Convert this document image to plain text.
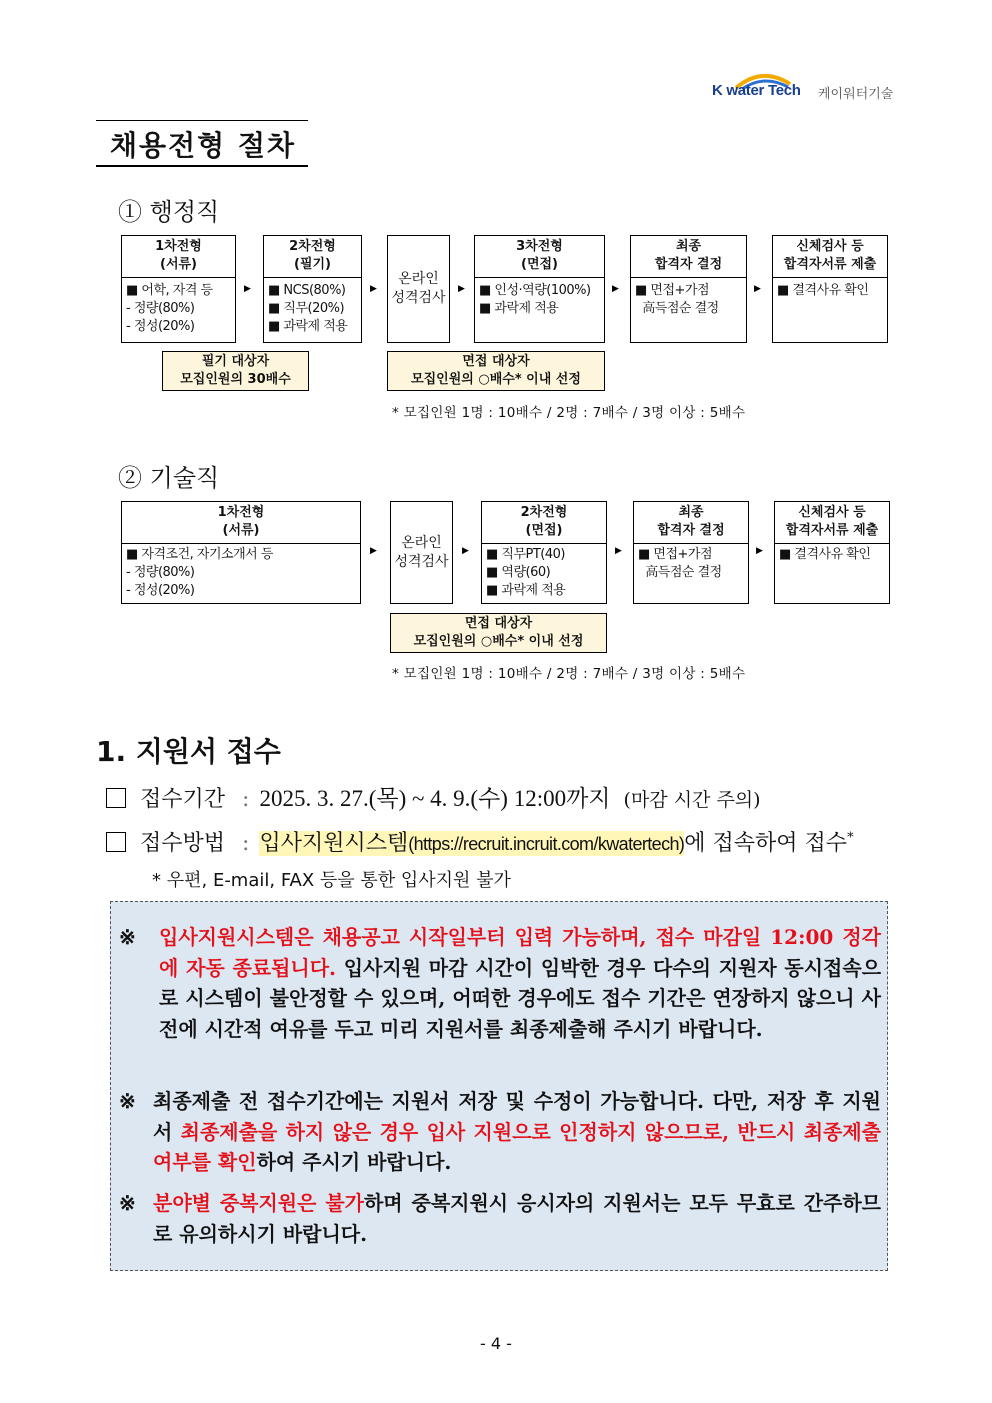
K water Tech 케이워터기술
채용전형 절차
① 행정직
1차전형
(서류)
■ 어학, 자격 등
- 정량(80%)
- 정성(20%)
▶
2차전형
(필기)
■ NCS(80%)
■ 직무(20%)
■ 과락제 적용
▶
온라인
성격검사
▶
3차전형
(면접)
■ 인성·역량(100%)
■ 과락제 적용
▶
최종
합격자 결정
■ 면접+가점
高득점순 결정
▶
신체검사 등
합격자서류 제출
■ 결격사유 확인
필기 대상자
모집인원의 30배수
면접 대상자
모집인원의 ○배수* 이내 선정
* 모집인원 1명 : 10배수 / 2명 : 7배수 / 3명 이상 : 5배수
② 기술직
1차전형
(서류)
■ 자격조건, 자기소개서 등
- 정량(80%)
- 정성(20%)
▶
온라인
성격검사
▶
2차전형
(면접)
■ 직무PT(40)
■ 역량(60)
■ 과락제 적용
▶
최종
합격자 결정
■ 면접+가점
高득점순 결정
▶
신체검사 등
합격자서류 제출
■ 결격사유 확인
면접 대상자
모집인원의 ○배수* 이내 선정
* 모집인원 1명 : 10배수 / 2명 : 7배수 / 3명 이상 : 5배수
1. 지원서 접수
접수기간 : 2025. 3. 27.(목) ~ 4. 9.(수) 12:00까지 (마감 시간 주의)
접수방법 : 입사지원시스템(https://recruit.incruit.com/kwatertech)에 접속하여 접수*
* 우편, E-mail, FAX 등을 통한 입사지원 불가
※ 입사지원시스템은 채용공고 시작일부터 입력 가능하며, 접수 마감일 12:00 정각에 자동 종료됩니다. 입사지원 마감 시간이 임박한 경우 다수의 지원자 동시접속으로 시스템이 불안정할 수 있으며, 어떠한 경우에도 접수 기간은 연장하지 않으니 사전에 시간적 여유를 두고 미리 지원서를 최종제출해 주시기 바랍니다.
※ 최종제출 전 접수기간에는 지원서 저장 및 수정이 가능합니다. 다만, 저장 후 지원서 최종제출을 하지 않은 경우 입사 지원으로 인정하지 않으므로, 반드시 최종제출 여부를 확인하여 주시기 바랍니다.
※ 분야별 중복지원은 불가하며 중복지원시 응시자의 지원서는 모두 무효로 간주하므로 유의하시기 바랍니다.
- 4 -
